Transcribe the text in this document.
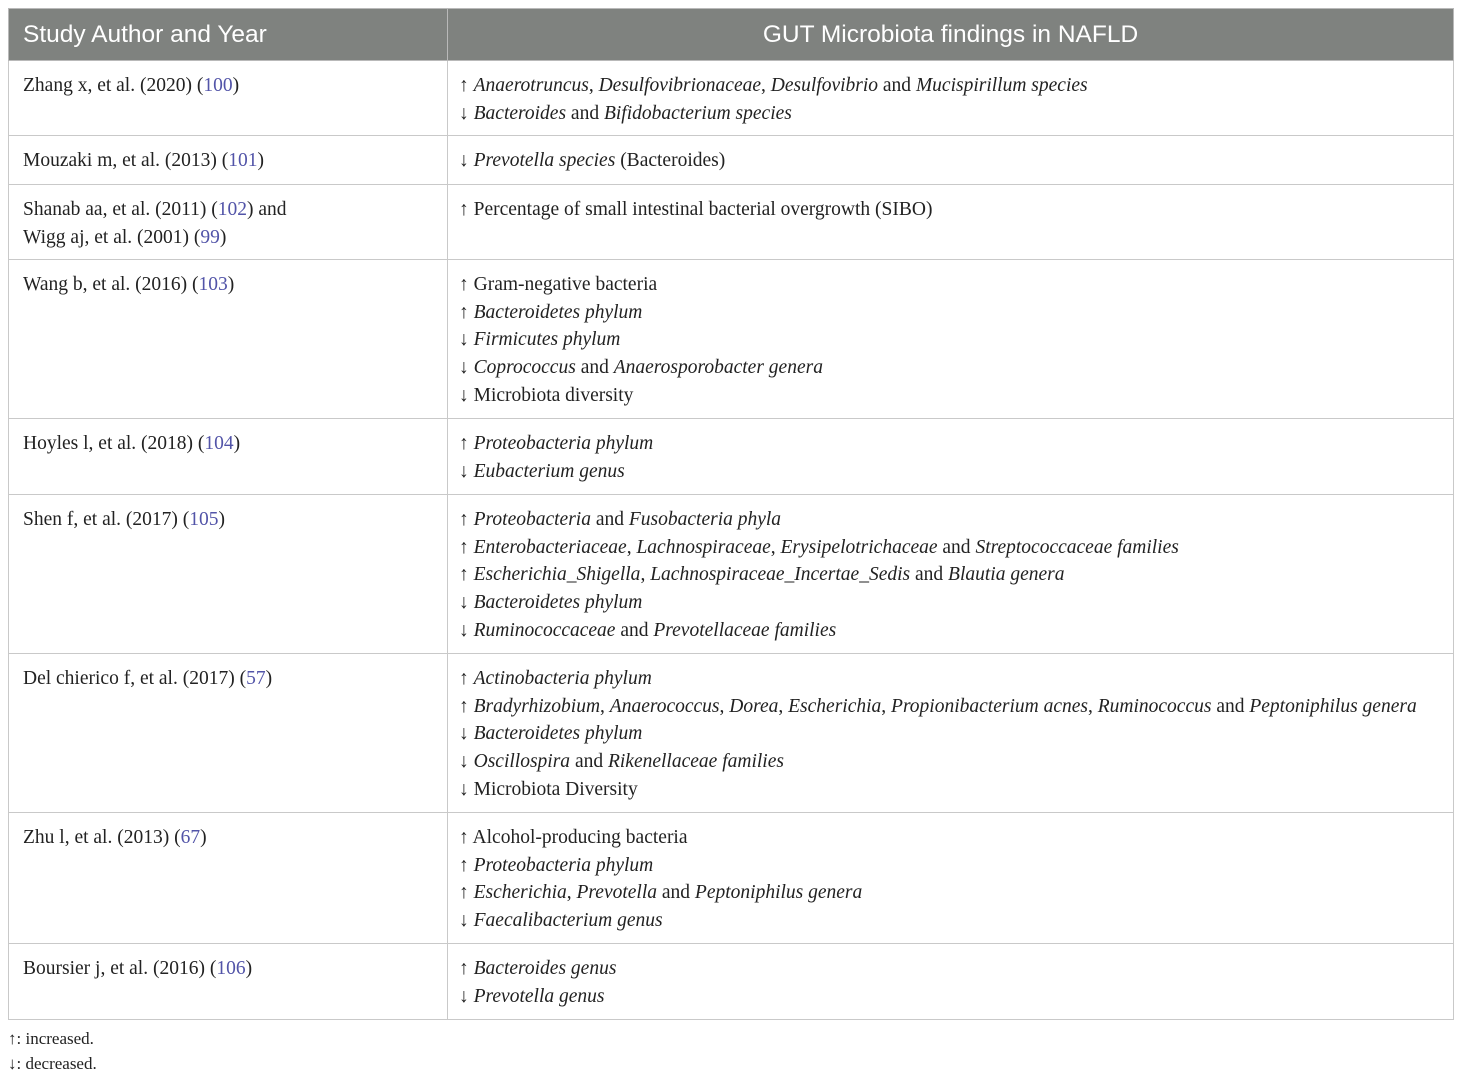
Study Author and Year	GUT Microbiota findings in NAFLD

Zhang x, et al. (2020) (100)	↑ Anaerotruncus, Desulfovibrionaceae, Desulfovibrio and Mucispirillum species
↓ Bacteroides and Bifidobacterium species

Mouzaki m, et al. (2013) (101)	↓ Prevotella species (Bacteroides)

Shanab aa, et al. (2011) (102) and
Wigg aj, et al. (2001) (99)	↑ Percentage of small intestinal bacterial overgrowth (SIBO)

Wang b, et al. (2016) (103)	↑ Gram-negative bacteria
↑ Bacteroidetes phylum
↓ Firmicutes phylum
↓ Coprococcus and Anaerosporobacter genera
↓ Microbiota diversity

Hoyles l, et al. (2018) (104)	↑ Proteobacteria phylum
↓ Eubacterium genus

Shen f, et al. (2017) (105)	↑ Proteobacteria and Fusobacteria phyla
↑ Enterobacteriaceae, Lachnospiraceae, Erysipelotrichaceae and Streptococcaceae families
↑ Escherichia_Shigella, Lachnospiraceae_Incertae_Sedis and Blautia genera
↓ Bacteroidetes phylum
↓ Ruminococcaceae and Prevotellaceae families

Del chierico f, et al. (2017) (57)	↑ Actinobacteria phylum
↑ Bradyrhizobium, Anaerococcus, Dorea, Escherichia, Propionibacterium acnes, Ruminococcus and Peptoniphilus genera
↓ Bacteroidetes phylum
↓ Oscillospira and Rikenellaceae families
↓ Microbiota Diversity

Zhu l, et al. (2013) (67)	↑ Alcohol-producing bacteria
↑ Proteobacteria phylum
↑ Escherichia, Prevotella and Peptoniphilus genera
↓ Faecalibacterium genus

Boursier j, et al. (2016) (106)	↑ Bacteroides genus
↓ Prevotella genus
↑: increased.
↓: decreased.
